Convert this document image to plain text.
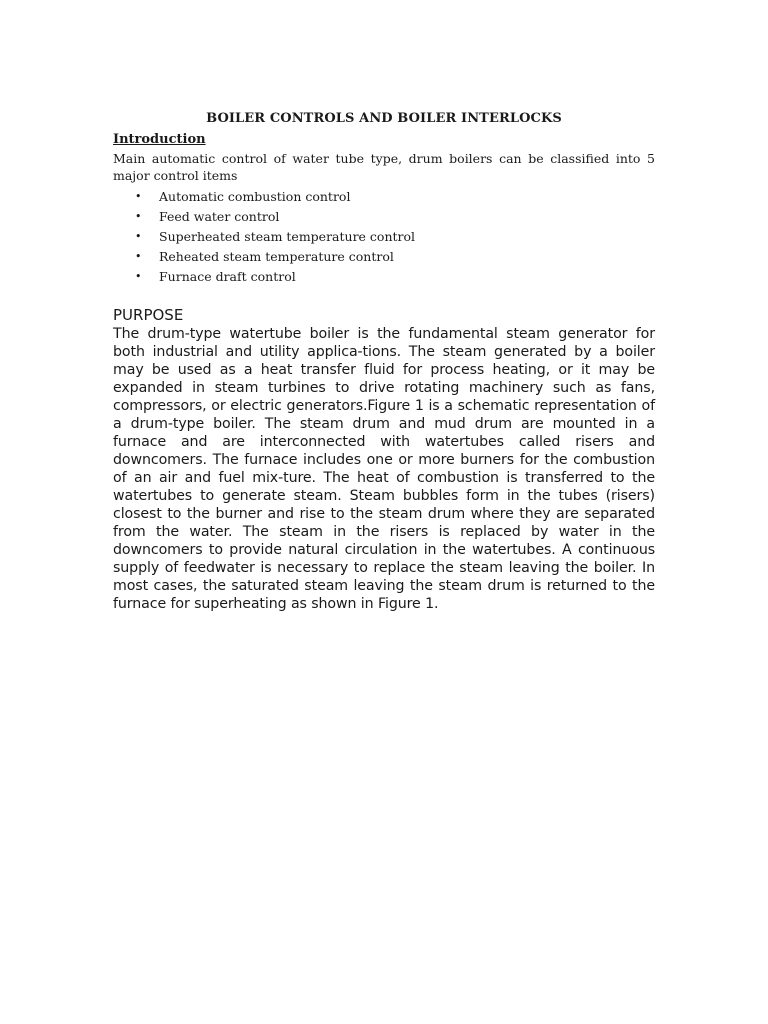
BOILER CONTROLS AND BOILER INTERLOCKS
Introduction

Main automatic control of water tube type, drum boilers can be classified into 5 major control items

• Automatic combustion control
• Feed water control
• Superheated steam temperature control
• Reheated steam temperature control
• Furnace draft control
PURPOSE

The drum-type watertube boiler is the fundamental steam generator for both industrial and utility applica-tions. The steam generated by a boiler may be used as a heat transfer fluid for process heating, or it may be expanded in steam turbines to drive rotating machinery such as fans, compressors, or electric generators.Figure 1 is a schematic representation of a drum-type boiler. The steam drum and mud drum are mounted in a furnace and are interconnected with watertubes called risers and downcomers. The furnace includes one or more burners for the combustion of an air and fuel mix-ture. The heat of combustion is transferred to the watertubes to generate steam. Steam bubbles form in the tubes (risers) closest to the burner and rise to the steam drum where they are separated from the water. The steam in the risers is replaced by water in the downcomers to provide natural circulation in the watertubes. A continuous supply of feedwater is necessary to replace the steam leaving the boiler. In most cases, the saturated steam leaving the steam drum is returned to the furnace for superheating as shown in Figure 1.
